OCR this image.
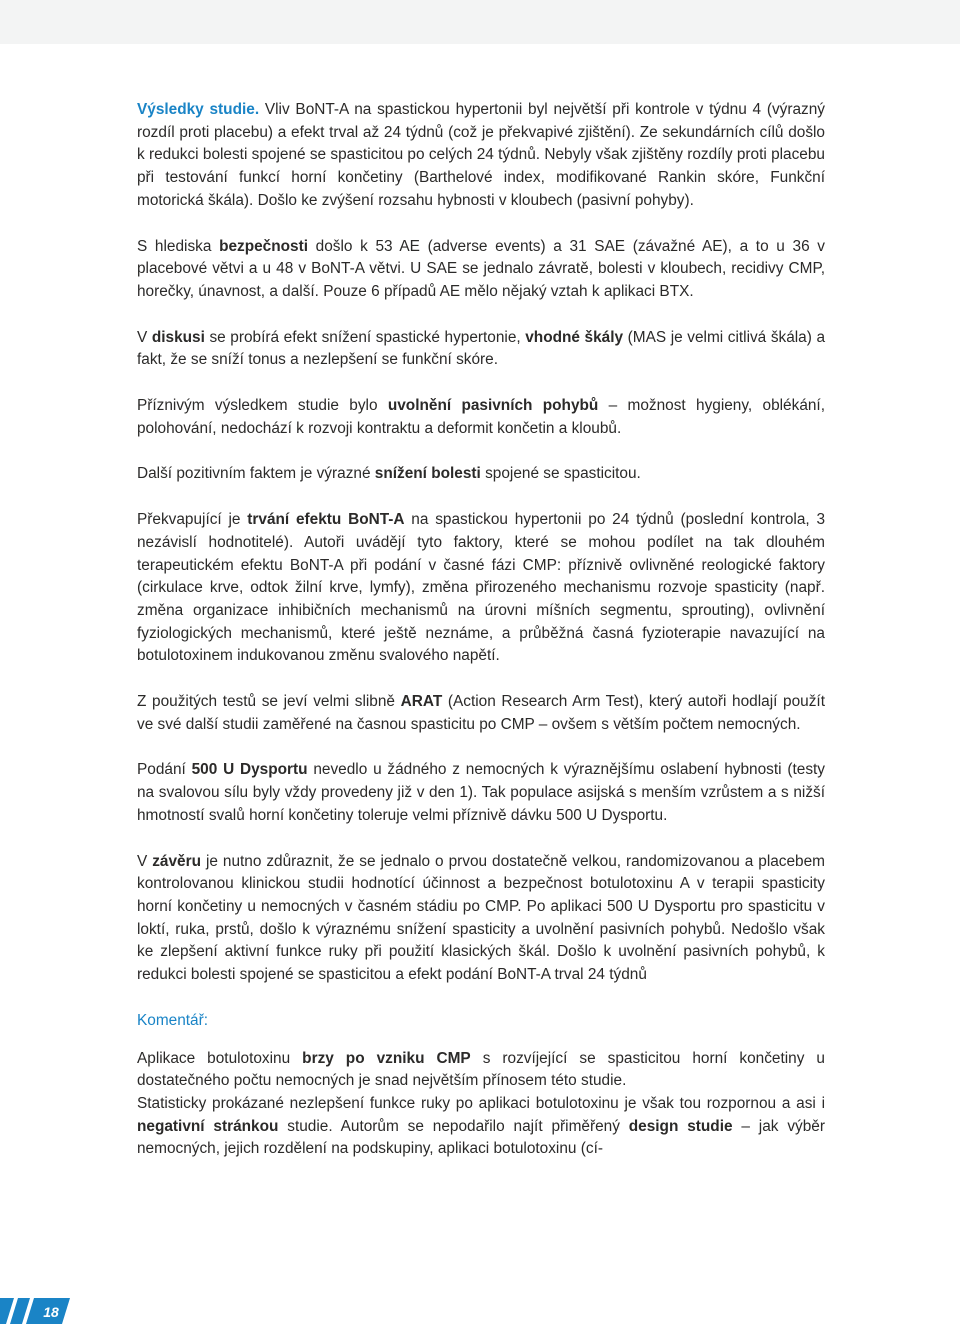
Výsledky studie. Vliv BoNT-A na spastickou hypertonii byl největší při kontrole v týdnu 4 (výrazný rozdíl proti placebu) a efekt trval až 24 týdnů (což je překvapivé zjištění). Ze sekundárních cílů došlo k redukci bolesti spojené se spasticitou po celých 24 týdnů. Nebyly však zjištěny rozdíly proti placebu při testování funkcí horní končetiny (Barthelové index, modifikované Rankin skóre, Funkční motorická škála). Došlo ke zvýšení rozsahu hybnosti v kloubech (pasivní pohyby).
S hlediska bezpečnosti došlo k 53 AE (adverse events) a 31 SAE (závažné AE), a to u 36 v placebové větvi a u 48 v BoNT-A větvi. U SAE se jednalo závratě, bolesti v kloubech, recidivy CMP, horečky, únavnost, a další. Pouze 6 případů AE mělo nějaký vztah k aplikaci BTX.
V diskusi se probírá efekt snížení spastické hypertonie, vhodné škály (MAS je velmi citlivá škála) a fakt, že se sníží tonus a nezlepšení se funkční skóre.
Příznivým výsledkem studie bylo uvolnění pasivních pohybů – možnost hygieny, oblékání, polohování, nedochází k rozvoji kontraktu a deformit končetin a kloubů.
Další pozitivním faktem je výrazné snížení bolesti spojené se spasticitou.
Překvapující je trvání efektu BoNT-A na spastickou hypertonii po 24 týdnů (poslední kontrola, 3 nezávislí hodnotitelé). Autoři uvádějí tyto faktory, které se mohou podílet na tak dlouhém terapeutickém efektu BoNT-A při podání v časné fázi CMP: příznivě ovlivněné reologické faktory (cirkulace krve, odtok žilní krve, lymfy), změna přirozeného mechanismu rozvoje spasticity (např. změna organizace inhibičních mechanismů na úrovni míšních segmentu, sprouting), ovlivnění fyziologických mechanismů, které ještě neznáme, a průběžná časná fyzioterapie navazující na botulotoxinem indukovanou změnu svalového napětí.
Z použitých testů se jeví velmi slibně ARAT (Action Research Arm Test), který autoři hodlají použít ve své další studii zaměřené na časnou spasticitu po CMP – ovšem s větším počtem nemocných.
Podání 500 U Dysportu nevedlo u žádného z nemocných k výraznějšímu oslabení hybnosti (testy na svalovou sílu byly vždy provedeny již v den 1). Tak populace asijská s menším vzrůstem a s nižší hmotností svalů horní končetiny toleruje velmi příznivě dávku 500 U Dysportu.
V závěru je nutno zdůraznit, že se jednalo o prvou dostatečně velkou, randomizovanou a placebem kontrolovanou klinickou studii hodnotící účinnost a bezpečnost botulotoxinu A v terapii spasticity horní končetiny u nemocných v časném stádiu po CMP. Po aplikaci 500 U Dysportu pro spasticitu v loktí, ruka, prstů, došlo k výraznému snížení spasticity a uvolnění pasivních pohybů. Nedošlo však ke zlepšení aktivní funkce ruky při použití klasických škál. Došlo k uvolnění pasivních pohybů, k redukci bolesti spojené se spasticitou a efekt podání BoNT-A trval 24 týdnů
Komentář:
Aplikace botulotoxinu brzy po vzniku CMP s rozvíjející se spasticitou horní končetiny u dostatečného počtu nemocných je snad největším přínosem této studie.
Statisticky prokázané nezlepšení funkce ruky po aplikaci botulotoxinu je však tou rozpornou a asi i negativní stránkou studie. Autorům se nepodařilo najít přiměřený design studie – jak výběr nemocných, jejich rozdělení na podskupiny, aplikaci botulotoxinu (cí-
18
